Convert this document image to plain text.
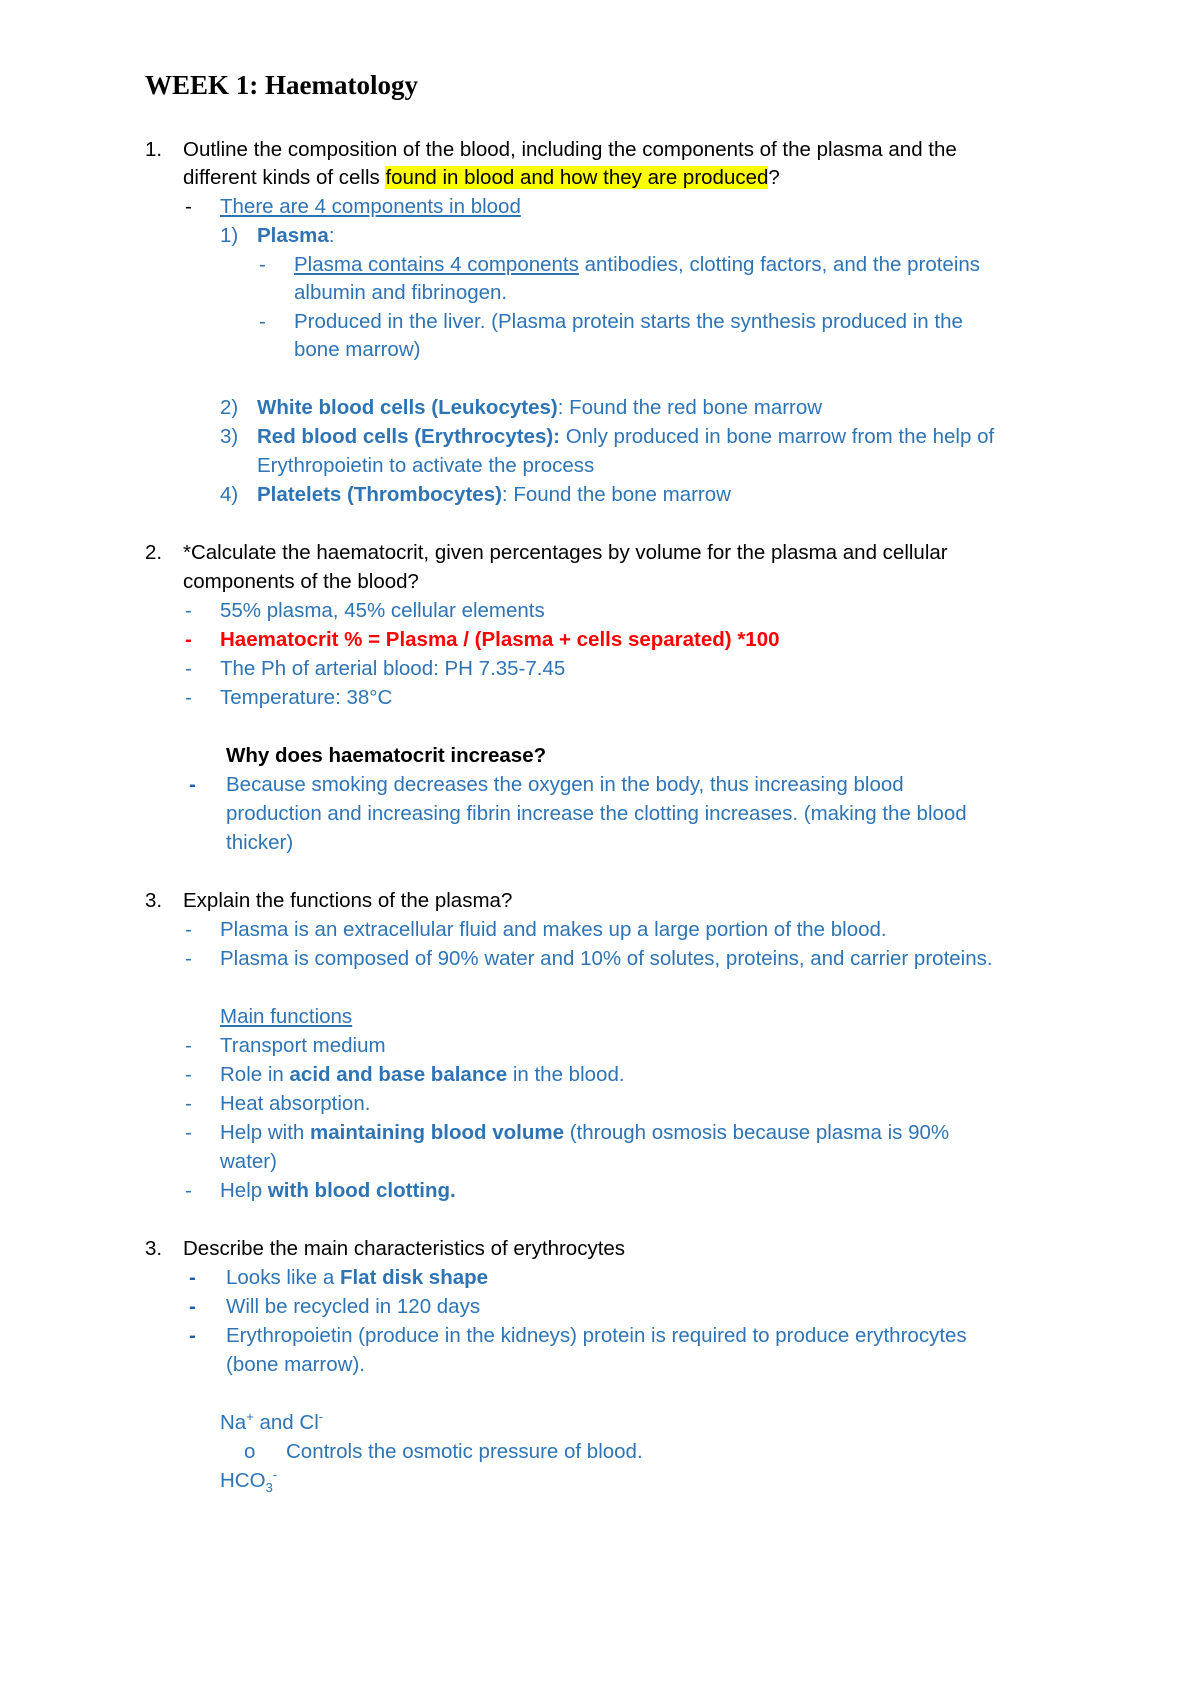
WEEK 1: Haematology
1. Outline the composition of the blood, including the components of the plasma and the
different kinds of cells found in blood and how they are produced?
- There are 4 components in blood
1) Plasma:
- Plasma contains 4 components antibodies, clotting factors, and the proteins
albumin and fibrinogen.
- Produced in the liver. (Plasma protein starts the synthesis produced in the
bone marrow)
2) White blood cells (Leukocytes): Found the red bone marrow
3) Red blood cells (Erythrocytes): Only produced in bone marrow from the help of
Erythropoietin to activate the process
4) Platelets (Thrombocytes): Found the bone marrow
2. *Calculate the haematocrit, given percentages by volume for the plasma and cellular
components of the blood?
- 55% plasma, 45% cellular elements
- Haematocrit % = Plasma / (Plasma + cells separated) *100
- The Ph of arterial blood: PH 7.35-7.45
- Temperature: 38°C
Why does haematocrit increase?
- Because smoking decreases the oxygen in the body, thus increasing blood
production and increasing fibrin increase the clotting increases. (making the blood
thicker)
3. Explain the functions of the plasma?
- Plasma is an extracellular fluid and makes up a large portion of the blood.
- Plasma is composed of 90% water and 10% of solutes, proteins, and carrier proteins.
Main functions
- Transport medium
- Role in acid and base balance in the blood.
- Heat absorption.
- Help with maintaining blood volume (through osmosis because plasma is 90%
water)
- Help with blood clotting.
3. Describe the main characteristics of erythrocytes
- Looks like a Flat disk shape
- Will be recycled in 120 days
- Erythropoietin (produce in the kidneys) protein is required to produce erythrocytes
(bone marrow).
Na+ and Cl-
o Controls the osmotic pressure of blood.
$HCO_3^-$
